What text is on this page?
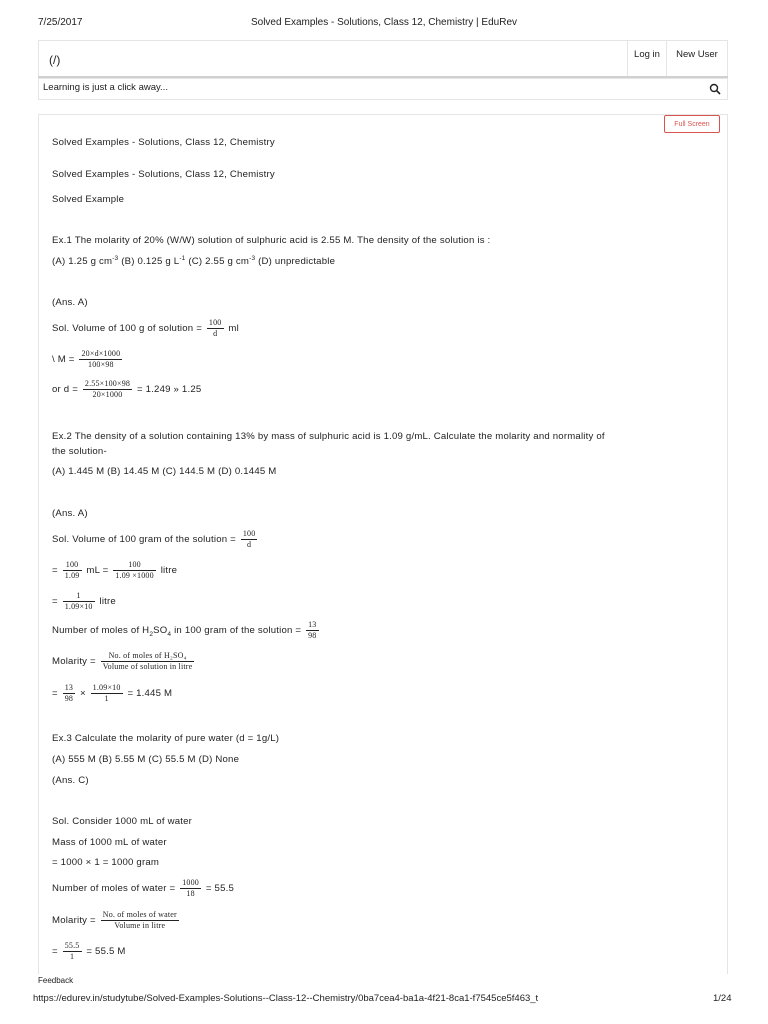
7/25/2017	Solved Examples - Solutions, Class 12, Chemistry | EduRev
(/)	Log in	New User
Learning is just a click away...
Full Screen
Solved Examples - Solutions, Class 12, Chemistry
Solved Examples - Solutions, Class 12, Chemistry
Solved Example
Ex.1 The molarity of 20% (W/W) solution of sulphuric acid is 2.55 M. The density of the solution is :
(A) 1.25 g $cm^{-3}$ (B) 0.125 g $L^{-1}$ (C) 2.55 g $cm^{-3}$ (D) unpredictable
(Ans. A)
Sol. Volume of 100 g of solution = $\frac{100}{d}$ ml
\ $M = \frac{20\times d\times 1000}{100\times 98}$
or $d = \frac{2.55\times 100\times 98}{20\times 1000} = 1.249$ » 1.25
Ex.2 The density of a solution containing 13% by mass of sulphuric acid is 1.09 g/mL. Calculate the molarity and normality of
the solution-
(A) 1.445 M (B) 14.45 M (C) 144.5 M (D) 0.1445 M
(Ans. A)
Sol. Volume of 100 gram of the solution = $\frac{100}{d}$
= $\frac{100}{1.09}$ mL = $\frac{100}{1.09 \times 1000}$ litre
= $\frac{1}{1.09\times 10}$ litre
Number of moles of $H_2SO_4$ in 100 gram of the solution = $\frac{13}{98}$
Molarity = $\frac{\text{No. of moles of H₂SO₄}}{\text{Volume of solution in litre}}$
= $\frac{13}{98} \times \frac{1.09\times 10}{1} = 1.445$ M
Ex.3 Calculate the molarity of pure water (d = 1g/L)
(A) 555 M (B) 5.55 M (C) 55.5 M (D) None
(Ans. C)
Sol. Consider 1000 mL of water
Mass of 1000 mL of water
= 1000 × 1 = 1000 gram
Number of moles of water = $\frac{1000}{18} = 55.5$
Molarity = $\frac{\text{No. of moles of water}}{\text{Volume in litre}}$
= $\frac{55.5}{1} = 55.5$ M
Feedback
https://edurev.in/studytube/Solved-Examples-Solutions--Class-12--Chemistry/0ba7cea4-ba1a-4f21-8ca1-f7545ce5f463_t	1/24
